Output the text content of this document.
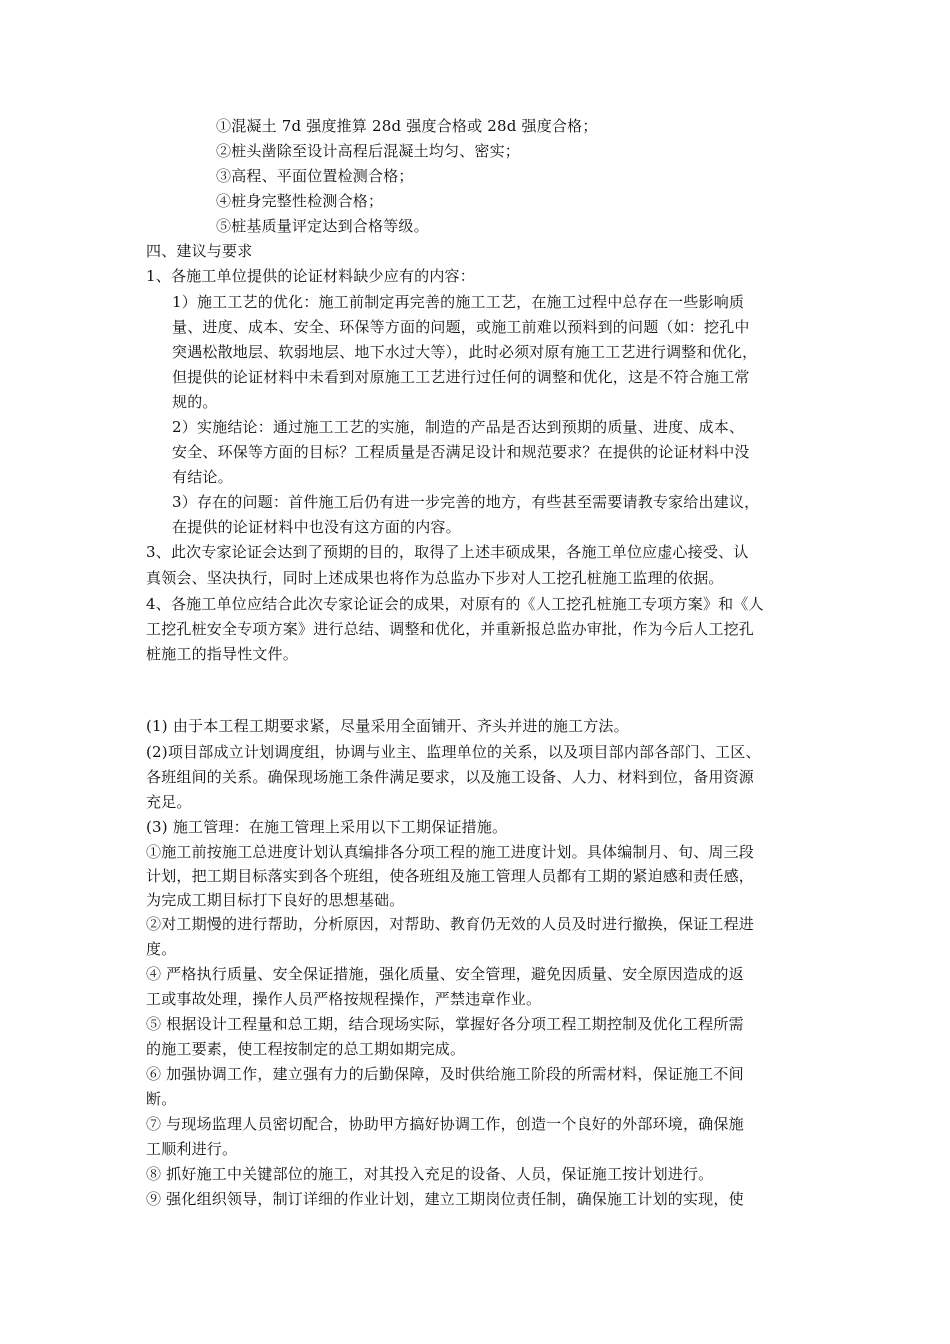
①混凝土 7d 强度推算 28d 强度合格或 28d 强度合格；
②桩头凿除至设计高程后混凝土均匀、密实；
③高程、平面位置检测合格；
④桩身完整性检测合格；
⑤桩基质量评定达到合格等级。
四、建议与要求
1、各施工单位提供的论证材料缺少应有的内容：
1）施工工艺的优化：施工前制定再完善的施工工艺，在施工过程中总存在一些影响质
量、进度、成本、安全、环保等方面的问题，或施工前难以预料到的问题（如：挖孔中
突遇松散地层、软弱地层、地下水过大等），此时必须对原有施工工艺进行调整和优化，
但提供的论证材料中未看到对原施工工艺进行过任何的调整和优化，这是不符合施工常
规的。
2）实施结论：通过施工工艺的实施，制造的产品是否达到预期的质量、进度、成本、
安全、环保等方面的目标？工程质量是否满足设计和规范要求？在提供的论证材料中没
有结论。
3）存在的问题：首件施工后仍有进一步完善的地方，有些甚至需要请教专家给出建议，
在提供的论证材料中也没有这方面的内容。
3、此次专家论证会达到了预期的目的，取得了上述丰硕成果，各施工单位应虚心接受、认
真领会、坚决执行，同时上述成果也将作为总监办下步对人工挖孔桩施工监理的依据。
4、各施工单位应结合此次专家论证会的成果，对原有的《人工挖孔桩施工专项方案》和《人
工挖孔桩安全专项方案》进行总结、调整和优化，并重新报总监办审批，作为今后人工挖孔
桩施工的指导性文件。
(1) 由于本工程工期要求紧，尽量采用全面铺开、齐头并进的施工方法。
(2)项目部成立计划调度组，协调与业主、监理单位的关系，以及项目部内部各部门、工区、
各班组间的关系。确保现场施工条件满足要求，以及施工设备、人力、材料到位，备用资源
充足。
(3) 施工管理：在施工管理上采用以下工期保证措施。
①施工前按施工总进度计划认真编排各分项工程的施工进度计划。具体编制月、旬、周三段
计划，把工期目标落实到各个班组，使各班组及施工管理人员都有工期的紧迫感和责任感，
为完成工期目标打下良好的思想基础。
②对工期慢的进行帮助，分析原因，对帮助、教育仍无效的人员及时进行撤换，保证工程进
度。
④ 严格执行质量、安全保证措施，强化质量、安全管理，避免因质量、安全原因造成的返
工或事故处理，操作人员严格按规程操作，严禁违章作业。
⑤ 根据设计工程量和总工期，结合现场实际，掌握好各分项工程工期控制及优化工程所需
的施工要素，使工程按制定的总工期如期完成。
⑥ 加强协调工作，建立强有力的后勤保障，及时供给施工阶段的所需材料，保证施工不间
断。
⑦ 与现场监理人员密切配合，协助甲方搞好协调工作，创造一个良好的外部环境，确保施
工顺利进行。
⑧ 抓好施工中关键部位的施工，对其投入充足的设备、人员，保证施工按计划进行。
⑨ 强化组织领导，制订详细的作业计划，建立工期岗位责任制，确保施工计划的实现，使
